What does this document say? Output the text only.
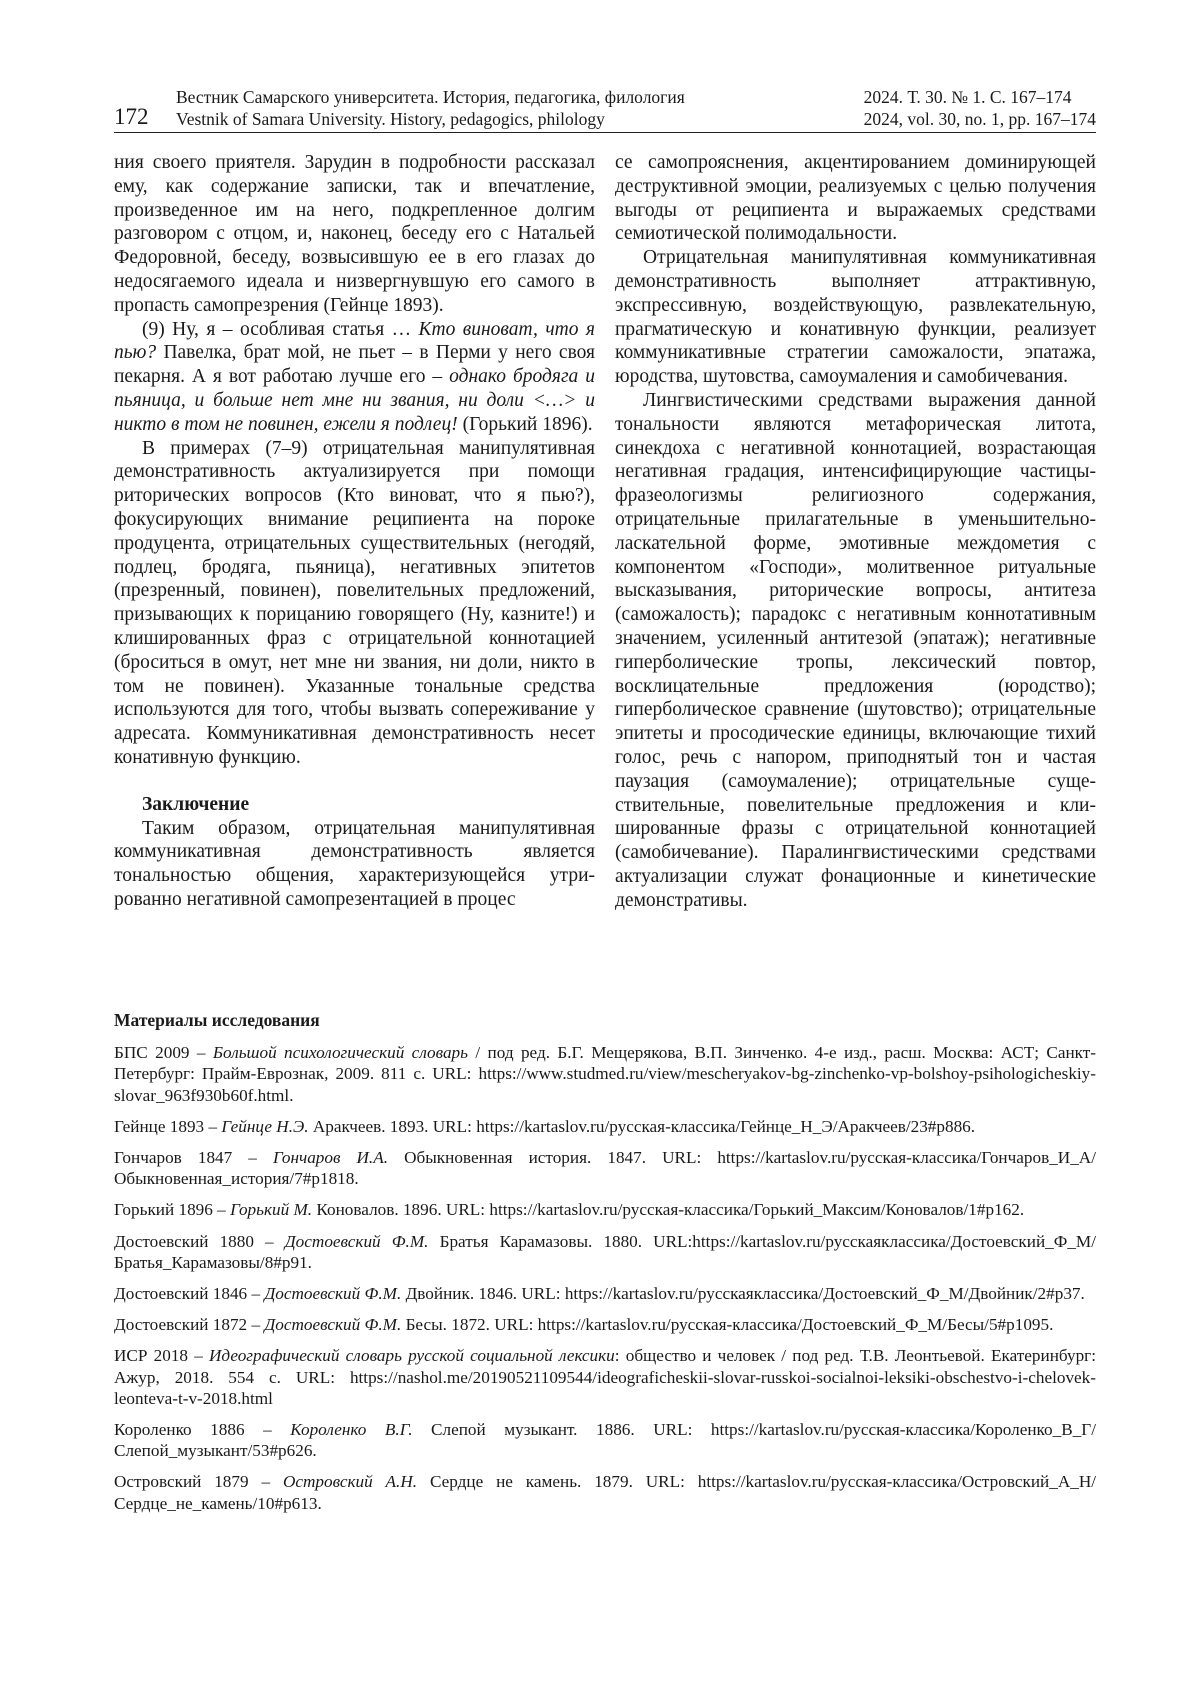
172
Вестник Самарского университета. История, педагогика, филология
Vestnik of Samara University. History, pedagogics, philology
2024. Т. 30. № 1. С. 167–174
2024, vol. 30, no. 1, pp. 167–174

ния своего приятеля. Зарудин в подробности рассказал ему, как содержание записки, так и впечатление, произведенное им на него, подкрепленное долгим разговором с отцом, и, наконец, беседу его с Натальей Федоровной, беседу, возвысившую ее в его глазах до недосягаемого идеала и низвергнувшую его самого в пропасть самопрезрения (Гейнце 1893).

(9) Ну, я – особливая статья … Кто виноват, что я пью? Павелка, брат мой, не пьет – в Перми у него своя пекарня. А я вот работаю лучше его – однако бродяга и пьяница, и больше нет мне ни звания, ни доли <…> и никто в том не повинен, ежели я подлец! (Горький 1896).

В примерах (7–9) отрицательная манипулятивная демонстративность актуализируется при помощи риторических вопросов (Кто виноват, что я пью?), фокусирующих внимание реципиента на пороке продуцента, отрицательных существительных (негодяй, подлец, бродяга, пьяница), негативных эпитетов (презренный, повинен), повелительных предложений, призывающих к порицанию говорящего (Ну, казните!) и клишированных фраз с отрицательной коннотацией (броситься в омут, нет мне ни звания, ни доли, никто в том не повинен). Указанные тональные средства используются для того, чтобы вызвать сопереживание у адресата. Коммуникативная демонстративность несет конативную функцию.

Заключение

Таким образом, отрицательная манипулятивная коммуникативная демонстративность является тональностью общения, характеризующейся утрированно негативной самопрезентацией в процес

се самопрояснения, акцентированием доминирующей деструктивной эмоции, реализуемых с целью получения выгоды от реципиента и выражаемых средствами семиотической полимодальности.

Отрицательная манипулятивная коммуникативная демонстративность выполняет аттрактивную, экспрессивную, воздействующую, развлекательную, прагматическую и конативную функции, реализует коммуникативные стратегии саможалости, эпатажа, юродства, шутовства, самоумаления и самобичевания.

Лингвистическими средствами выражения данной тональности являются метафорическая литота, синекдоха с негативной коннотацией, возрастающая негативная градация, интенсифицирующие частицы-фразеологизмы религиозного содержания, отрицательные прилагательные в уменьшительно-ласкательной форме, эмотивные междометия с компонентом «Господи», молитвенное ритуальные высказывания, риторические вопросы, антитеза (саможалость); парадокс с негативным коннотативным значением, усиленный антитезой (эпатаж); негативные гиперболические тропы, лексический повтор, восклицательные предложения (юродство); гиперболическое сравнение (шутовство); отрицательные эпитеты и просодические единицы, включающие тихий голос, речь с напором, приподнятый тон и частая паузация (самоумаление); отрицательные существительные, повелительные предложения и клишированные фразы с отрицательной коннотацией (самобичевание). Паралингвистическими средствами актуализации служат фонационные и кинетические демонстративы.

Материалы исследования
БПС 2009 – Большой психологический словарь / под ред. Б.Г. Мещерякова, В.П. Зинченко. 4-е изд., расш. Москва: АСТ; Санкт-Петербург: Прайм-Еврознак, 2009. 811 с. URL: https://www.studmed.ru/view/mescheryakov-bg-zinchenko-vp-bolshoy-psihologicheskiy-slovar_963f930b60f.html.
Гейнце 1893 – Гейнце Н.Э. Аракчеев. 1893. URL: https://kartaslov.ru/русская-классика/Гейнце_Н_Э/Аракчеев/23#p886.
Гончаров 1847 – Гончаров И.А. Обыкновенная история. 1847. URL: https://kartaslov.ru/русская-классика/Гончаров_И_А/Обыкновенная_история/7#p1818.
Горький 1896 – Горький М. Коновалов. 1896. URL: https://kartaslov.ru/русская-классика/Горький_Максим/Коновалов/1#p162.
Достоевский 1880 – Достоевский Ф.М. Братья Карамазовы. 1880. URL:https://kartaslov.ru/русскаяклассика/Достоевский_Ф_М/Братья_Карамазовы/8#p91.
Достоевский 1846 – Достоевский Ф.М. Двойник. 1846. URL: https://kartaslov.ru/русскаяклассика/Достоевский_Ф_М/Двойник/2#p37.
Достоевский 1872 – Достоевский Ф.М. Бесы. 1872. URL: https://kartaslov.ru/русская-классика/Достоевский_Ф_М/Бесы/5#p1095.
ИСР 2018 – Идеографический словарь русской социальной лексики: общество и человек / под ред. Т.В. Леонтьевой. Екатеринбург: Ажур, 2018. 554 с. URL: https://nashol.me/20190521109544/ideograficheskii-slovar-russkoi-socialnoi-leksiki-obschestvo-i-chelovek-leonteva-t-v-2018.html
Короленко 1886 – Короленко В.Г. Слепой музыкант. 1886. URL: https://kartaslov.ru/русская-классика/Короленко_В_Г/Слепой_музыкант/53#p626.
Островский 1879 – Островский А.Н. Сердце не камень. 1879. URL: https://kartaslov.ru/русская-классика/Островский_А_Н/Сердце_не_камень/10#p613.
